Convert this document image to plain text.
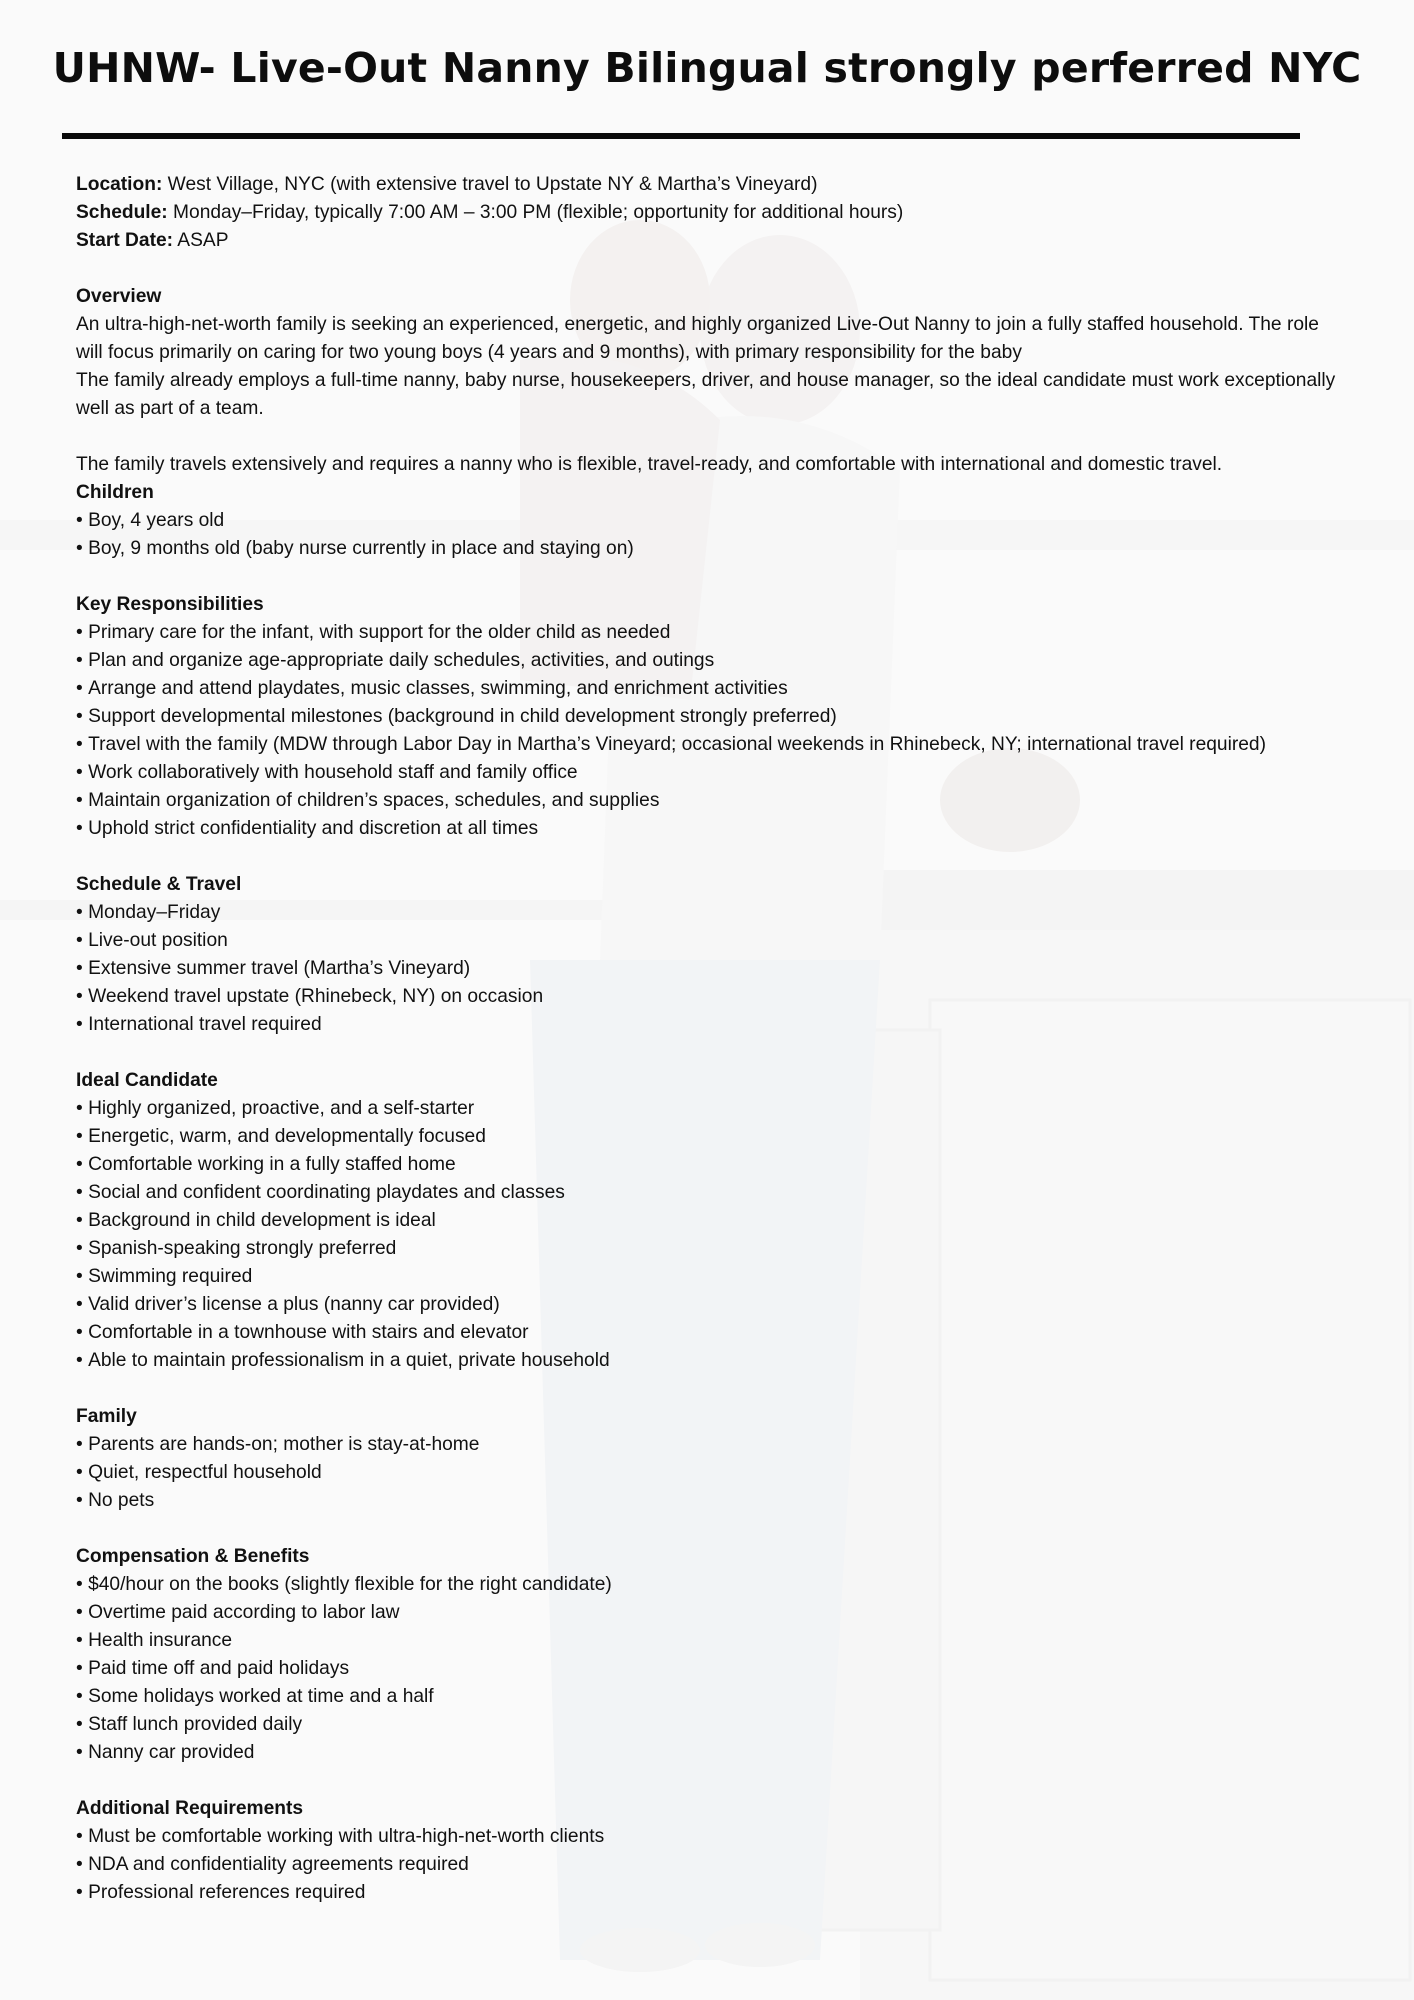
UHNW- Live-Out Nanny Bilingual strongly perferred NYC

Location: West Village, NYC (with extensive travel to Upstate NY & Martha’s Vineyard)

Schedule: Monday–Friday, typically 7:00 AM – 3:00 PM (flexible; opportunity for additional hours)

Start Date: ASAP

Overview

An ultra-high-net-worth family is seeking an experienced, energetic, and highly organized Live-Out Nanny to join a fully staffed household. The role will focus primarily on caring for two young boys (4 years and 9 months), with primary responsibility for the baby

The family already employs a full-time nanny, baby nurse, housekeepers, driver, and house manager, so the ideal candidate must work exceptionally well as part of a team.

The family travels extensively and requires a nanny who is flexible, travel-ready, and comfortable with international and domestic travel.

Children
• Boy, 4 years old
• Boy, 9 months old (baby nurse currently in place and staying on)
Key Responsibilities
• Primary care for the infant, with support for the older child as needed
• Plan and organize age-appropriate daily schedules, activities, and outings
• Arrange and attend playdates, music classes, swimming, and enrichment activities
• Support developmental milestones (background in child development strongly preferred)
• Travel with the family (MDW through Labor Day in Martha’s Vineyard; occasional weekends in Rhinebeck, NY; international travel required)
• Work collaboratively with household staff and family office
• Maintain organization of children’s spaces, schedules, and supplies
• Uphold strict confidentiality and discretion at all times
Schedule & Travel
• Monday–Friday
• Live-out position
• Extensive summer travel (Martha’s Vineyard)
• Weekend travel upstate (Rhinebeck, NY) on occasion
• International travel required
Ideal Candidate
• Highly organized, proactive, and a self-starter
• Energetic, warm, and developmentally focused
• Comfortable working in a fully staffed home
• Social and confident coordinating playdates and classes
• Background in child development is ideal
• Spanish-speaking strongly preferred
• Swimming required
• Valid driver’s license a plus (nanny car provided)
• Comfortable in a townhouse with stairs and elevator
• Able to maintain professionalism in a quiet, private household
Family
• Parents are hands-on; mother is stay-at-home
• Quiet, respectful household
• No pets
Compensation & Benefits
• $40/hour on the books (slightly flexible for the right candidate)
• Overtime paid according to labor law
• Health insurance
• Paid time off and paid holidays
• Some holidays worked at time and a half
• Staff lunch provided daily
• Nanny car provided
Additional Requirements
• Must be comfortable working with ultra-high-net-worth clients
• NDA and confidentiality agreements required
• Professional references required
